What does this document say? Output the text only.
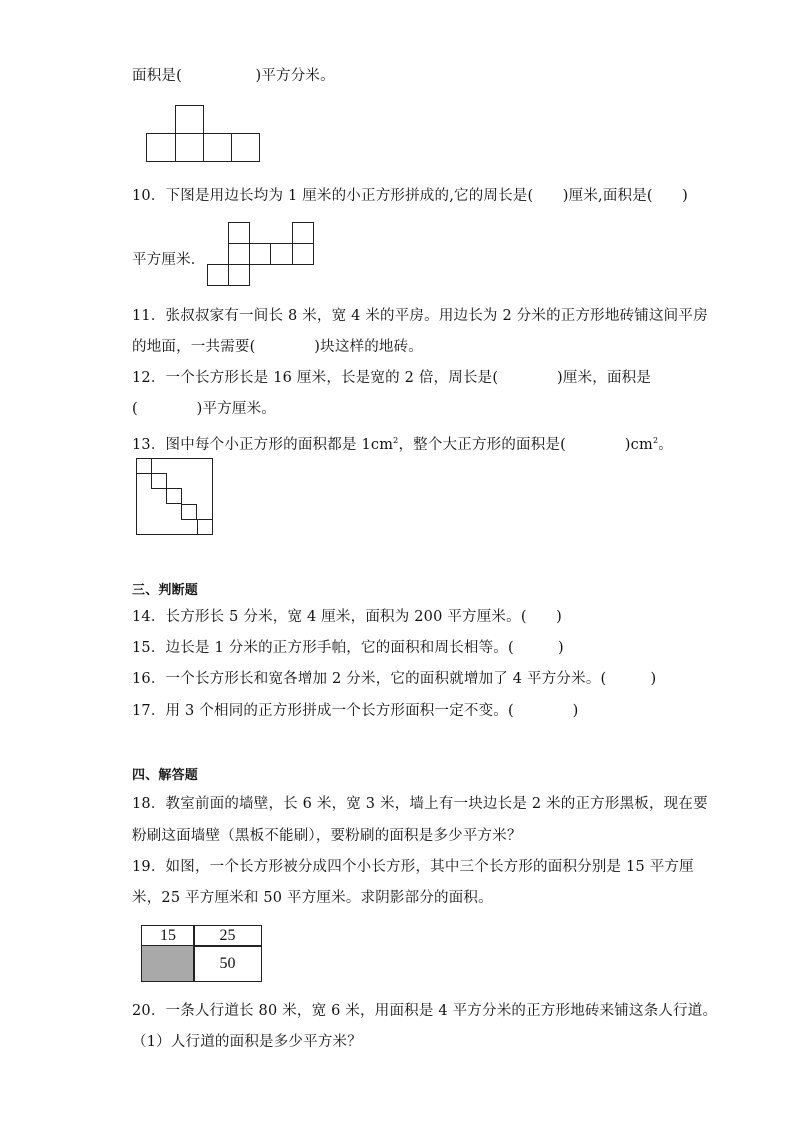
面积是(　　　　　)平方分米。
10．下图是用边长均为 1 厘米的小正方形拼成的,它的周长是(　　)厘米,面积是(　　)
平方厘米．
11．张叔叔家有一间长 8 米，宽 4 米的平房。用边长为 2 分米的正方形地砖铺这间平房
的地面，一共需要(　　　　)块这样的地砖。
12．一个长方形长是 16 厘米，长是宽的 2 倍，周长是(　　　　)厘米，面积是
(　　　　)平方厘米。
13．图中每个小正方形的面积都是 $1cm^2$，整个大正方形的面积是(　　　　)$cm^2$。
三、判断题
14．长方形长 5 分米，宽 4 厘米，面积为 200 平方厘米。(　　)
15．边长是 1 分米的正方形手帕，它的面积和周长相等。(　　　)
16．一个长方形长和宽各增加 2 分米，它的面积就增加了 4 平方分米。(　　　)
17．用 3 个相同的正方形拼成一个长方形面积一定不变。(　　　　)
四、解答题
18．教室前面的墙壁，长 6 米，宽 3 米，墙上有一块边长是 2 米的正方形黑板，现在要
粉刷这面墙壁（黑板不能刷），要粉刷的面积是多少平方米？
19．如图，一个长方形被分成四个小长方形，其中三个长方形的面积分别是 15 平方厘
米，25 平方厘米和 50 平方厘米。求阴影部分的面积。
15	25
50
20．一条人行道长 80 米，宽 6 米，用面积是 4 平方分米的正方形地砖来铺这条人行道。
（1）人行道的面积是多少平方米？
